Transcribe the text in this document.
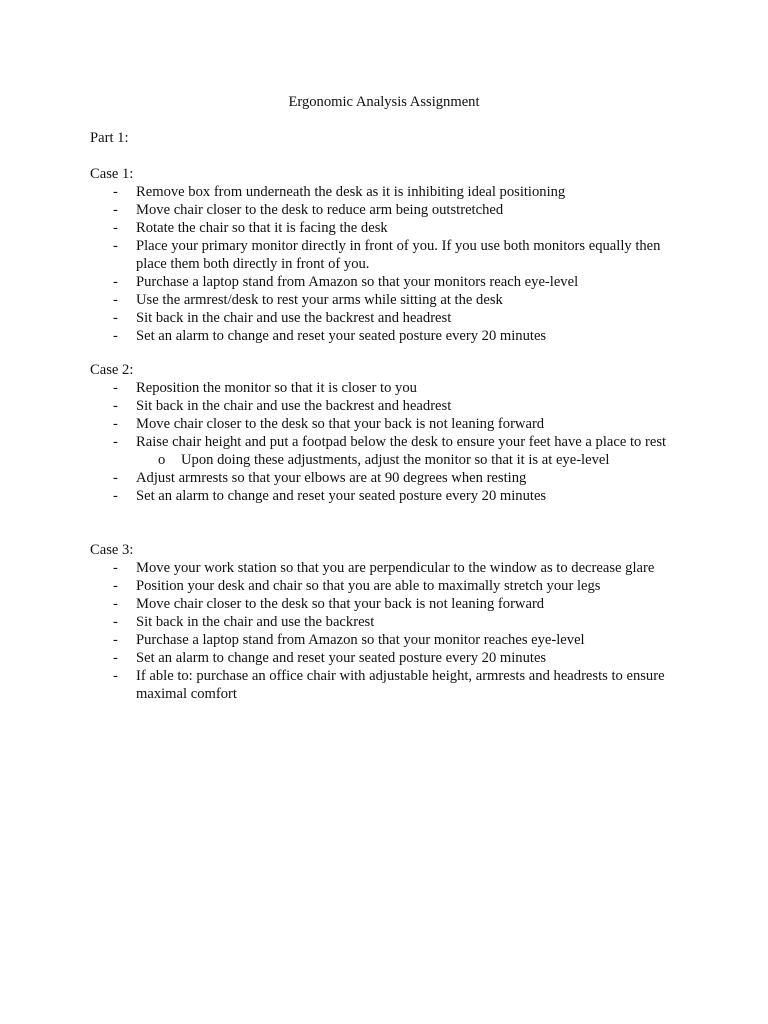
Ergonomic Analysis Assignment
Part 1:
Case 1:
- Remove box from underneath the desk as it is inhibiting ideal positioning
- Move chair closer to the desk to reduce arm being outstretched
- Rotate the chair so that it is facing the desk
- Place your primary monitor directly in front of you. If you use both monitors equally then place them both directly in front of you.
- Purchase a laptop stand from Amazon so that your monitors reach eye-level
- Use the armrest/desk to rest your arms while sitting at the desk
- Sit back in the chair and use the backrest and headrest
- Set an alarm to change and reset your seated posture every 20 minutes
Case 2:
- Reposition the monitor so that it is closer to you
- Sit back in the chair and use the backrest and headrest
- Move chair closer to the desk so that your back is not leaning forward
- Raise chair height and put a footpad below the desk to ensure your feet have a place to rest
o Upon doing these adjustments, adjust the monitor so that it is at eye-level
- Adjust armrests so that your elbows are at 90 degrees when resting
- Set an alarm to change and reset your seated posture every 20 minutes
Case 3:
- Move your work station so that you are perpendicular to the window as to decrease glare
- Position your desk and chair so that you are able to maximally stretch your legs
- Move chair closer to the desk so that your back is not leaning forward
- Sit back in the chair and use the backrest
- Purchase a laptop stand from Amazon so that your monitor reaches eye-level
- Set an alarm to change and reset your seated posture every 20 minutes
- If able to: purchase an office chair with adjustable height, armrests and headrests to ensure maximal comfort
